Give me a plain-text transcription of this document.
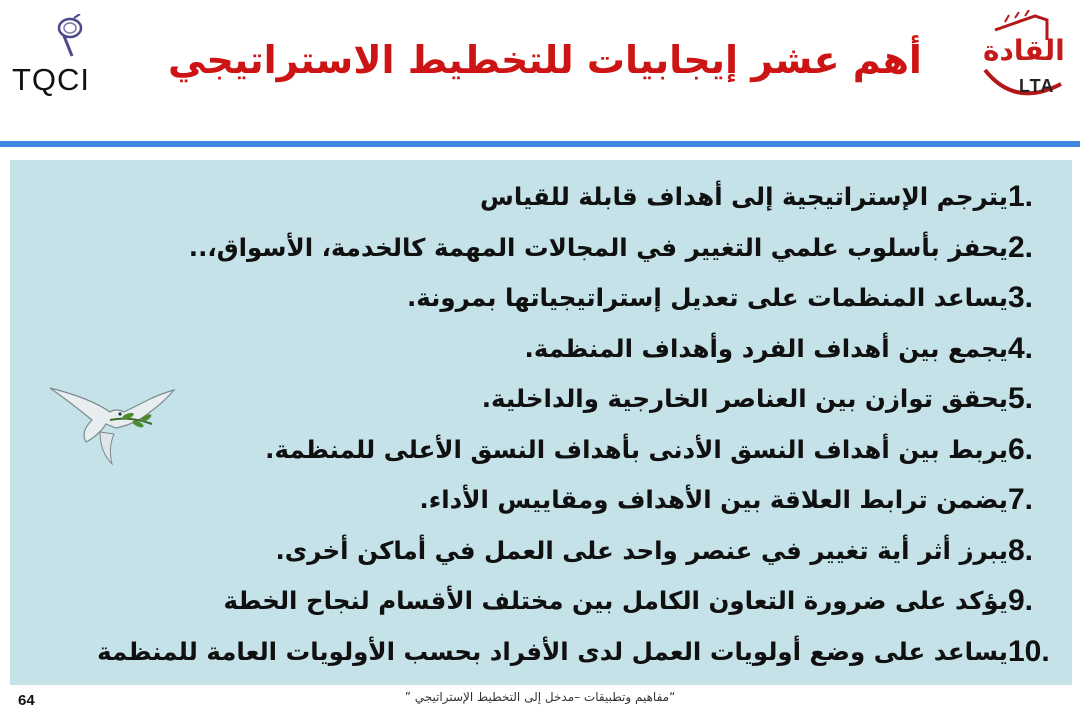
TQCI	أهم عشر إيجابيات للتخطيط الاستراتيجي	القادة
LTA
1.
يترجم الإستراتيجية إلى أهداف قابلة للقياس
2.
يحفز بأسلوب علمي التغيير في المجالات المهمة كالخدمة، الأسواق،..
3.
يساعد المنظمات على تعديل إستراتيجياتها بمرونة.
4.
يجمع بين أهداف الفرد وأهداف المنظمة.
5.
يحقق توازن بين العناصر الخارجية والداخلية.
6.
يربط بين أهداف النسق الأدنى بأهداف النسق الأعلى للمنظمة.
7.
يضمن ترابط العلاقة بين الأهداف ومقاييس الأداء.
8.
يبرز أثر أية تغيير في عنصر واحد على العمل في أماكن أخرى.
9.
يؤكد على ضرورة التعاون الكامل بين مختلف الأقسام لنجاح الخطة
10.
يساعد على وضع أولويات العمل لدى الأفراد بحسب الأولويات العامة للمنظمة
“مفاهيم وتطبيقات –مدخل إلى التخطيط الإستراتيجي ”
64
